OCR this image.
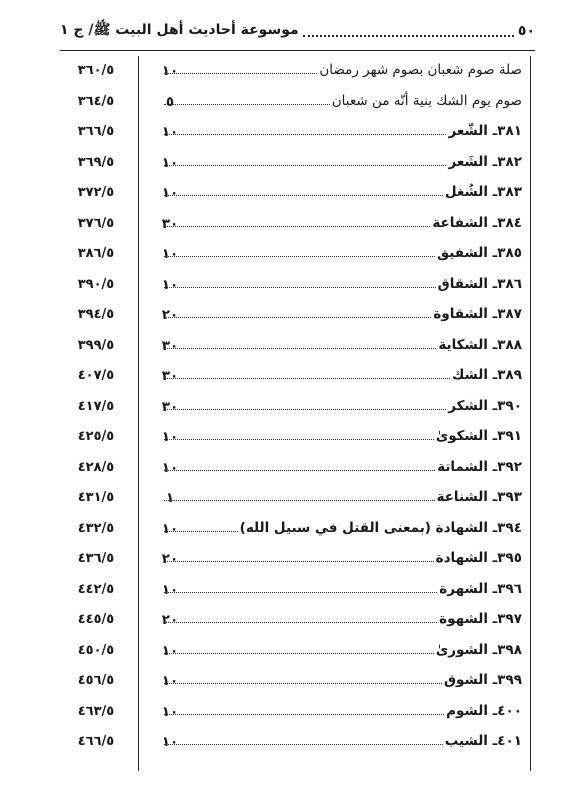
٥٠
موسوعة أحاديث أهل البيت ﷺ/ ج ١
صلة صوم شعبان بصوم شهر رمضان
١٠
٣٦٠/٥
صوم يوم الشك بنية أنّه من شعبان
٥
٣٦٤/٥
٣٨١ـ الشّعر
١٠
٣٦٦/٥
٣٨٢ـ الشَعر
١٠
٣٦٩/٥
٣٨٣ـ الشُغل
١٠
٣٧٢/٥
٣٨٤ـ الشفاعة
٣٠
٣٧٦/٥
٣٨٥ـ الشفيق
١٠
٣٨٦/٥
٣٨٦ـ الشقاق
١٠
٣٩٠/٥
٣٨٧ـ الشقاوة
٢٠
٣٩٤/٥
٣٨٨ـ الشكاية
٣٠
٣٩٩/٥
٣٨٩ـ الشك
٣٠
٤٠٧/٥
٣٩٠ـ الشكر
٣٠
٤١٧/٥
٣٩١ـ الشكوىٰ
١٠
٤٢٥/٥
٣٩٢ـ الشماتة
١٠
٤٢٨/٥
٣٩٣ـ الشناعة
١
٤٣١/٥
٣٩٤ـ الشهادة (بمعنى القتل في سبيل الله)
١٠
٤٣٢/٥
٣٩٥ـ الشهادة
٢٠
٤٣٦/٥
٣٩٦ـ الشهرة
١٠
٤٤٢/٥
٣٩٧ـ الشهوة
٢٠
٤٤٥/٥
٣٩٨ـ الشورىٰ
١٠
٤٥٠/٥
٣٩٩ـ الشوق
١٠
٤٥٦/٥
٤٠٠ـ الشوم
١٠
٤٦٣/٥
٤٠١ـ الشيب
١٠
٤٦٦/٥
